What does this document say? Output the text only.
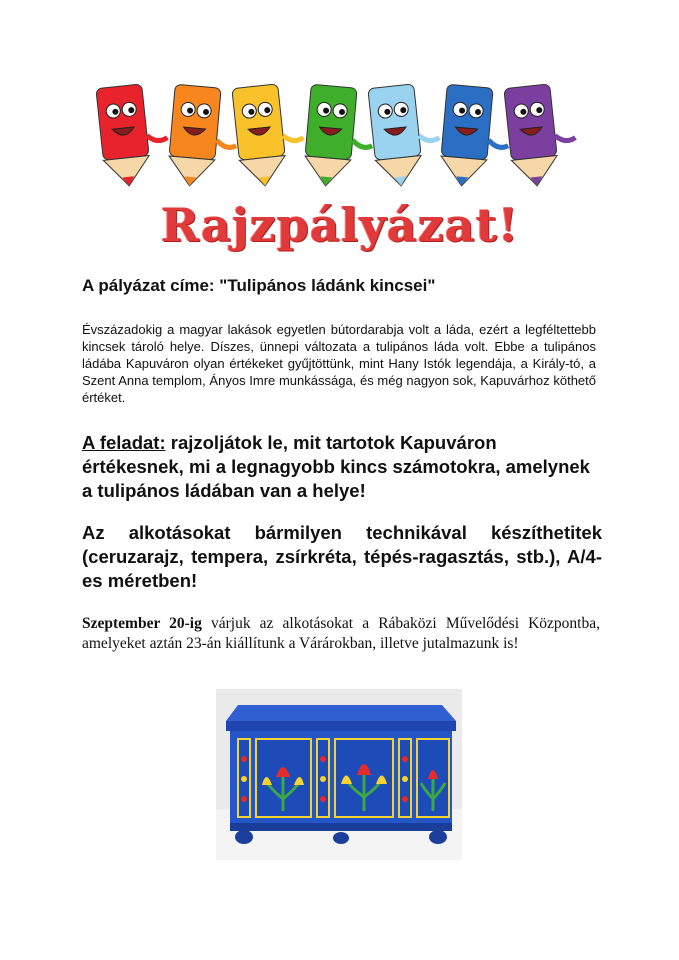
Rajzpályázat!
A pályázat címe: "Tulipános ládánk kincsei"
Évszázadokig a magyar lakások egyetlen bútordarabja volt a láda, ezért a legféltettebb kincsek tároló helye. Díszes, ünnepi változata a tulipános láda volt. Ebbe a tulipános ládába Kapuváron olyan értékeket gyűjtöttünk, mint Hany Istók legendája, a Király-tó, a Szent Anna templom, Ányos Imre munkássága, és még nagyon sok, Kapuvárhoz köthető értéket.
A feladat: rajzoljátok le, mit tartotok Kapuváron értékesnek, mi a legnagyobb kincs számotokra, amelynek a tulipános ládában van a helye!
Az alkotásokat bármilyen technikával készíthetitek (ceruzarajz, tempera, zsírkréta, tépés-ragasztás, stb.), A/4-es méretben!
Szeptember 20-ig várjuk az alkotásokat a Rábaközi Művelődési Központba, amelyeket aztán 23-án kiállítunk a Várárokban, illetve jutalmazunk is!
